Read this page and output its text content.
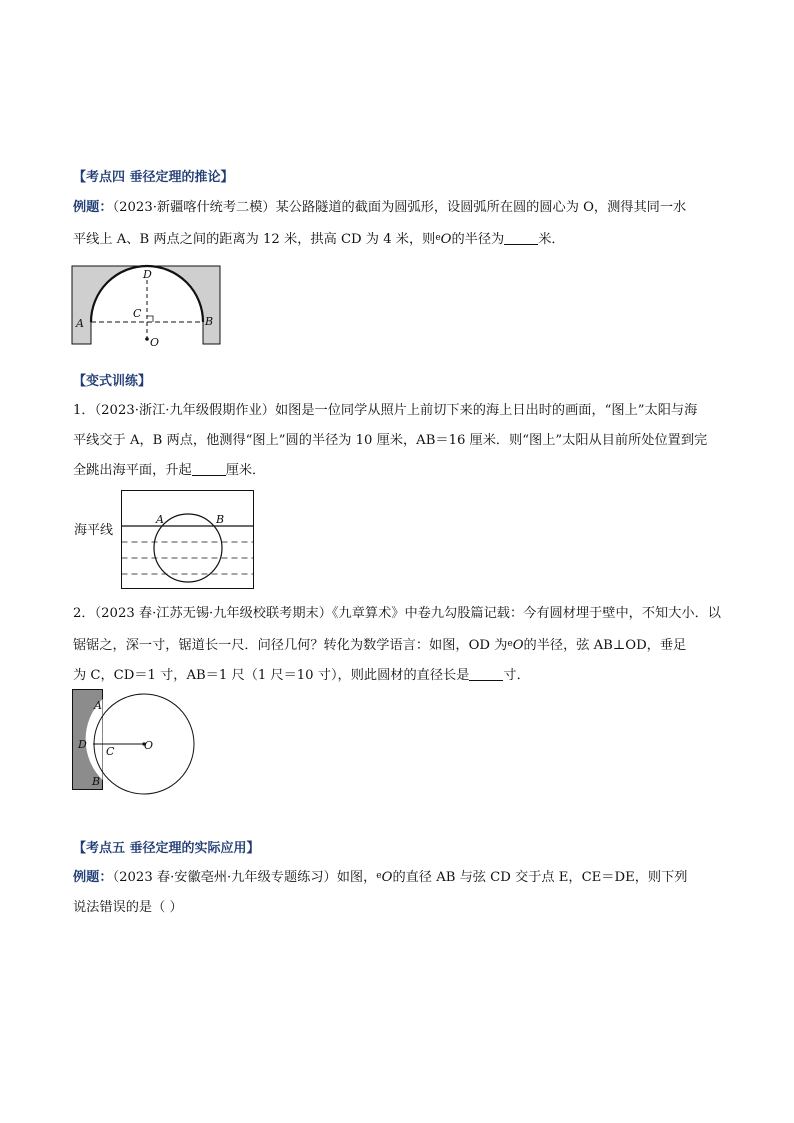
【考点四 垂径定理的推论】
例题：（2023·新疆喀什统考二模）某公路隧道的截面为圆弧形，设圆弧所在圆的圆心为 O，测得其同一水
平线上 A、B 两点之间的距离为 12 米，拱高 CD 为 4 米，则$^e$O的半径为	米．
D
A	B
C
O
【变式训练】
1．（2023·浙江·九年级假期作业）如图是一位同学从照片上前切下来的海上日出时的画面，“图上”太阳与海
平线交于 A，B 两点，他测得“图上”圆的半径为 10 厘米，AB＝16 厘米．则“图上”太阳从目前所处位置到完
全跳出海平面，升起	厘米．
海平线
A	B
2．（2023 春·江苏无锡·九年级校联考期末）《九章算术》中卷九勾股篇记载：今有圆材埋于壁中，不知大小．以
锯锯之，深一寸，锯道长一尺．问径几何？转化为数学语言：如图，OD 为$^e$O的半径，弦 AB⊥OD，垂足
为 C，CD＝1 寸，AB＝1 尺（1 尺＝10 寸），则此圆材的直径长是	寸．
A
D
C	O
B
【考点五 垂径定理的实际应用】
例题：（2023 春·安徽亳州·九年级专题练习）如图，$^e$O的直径 AB 与弦 CD 交于点 E，CE＝DE，则下列
说法错误的是（ ）
